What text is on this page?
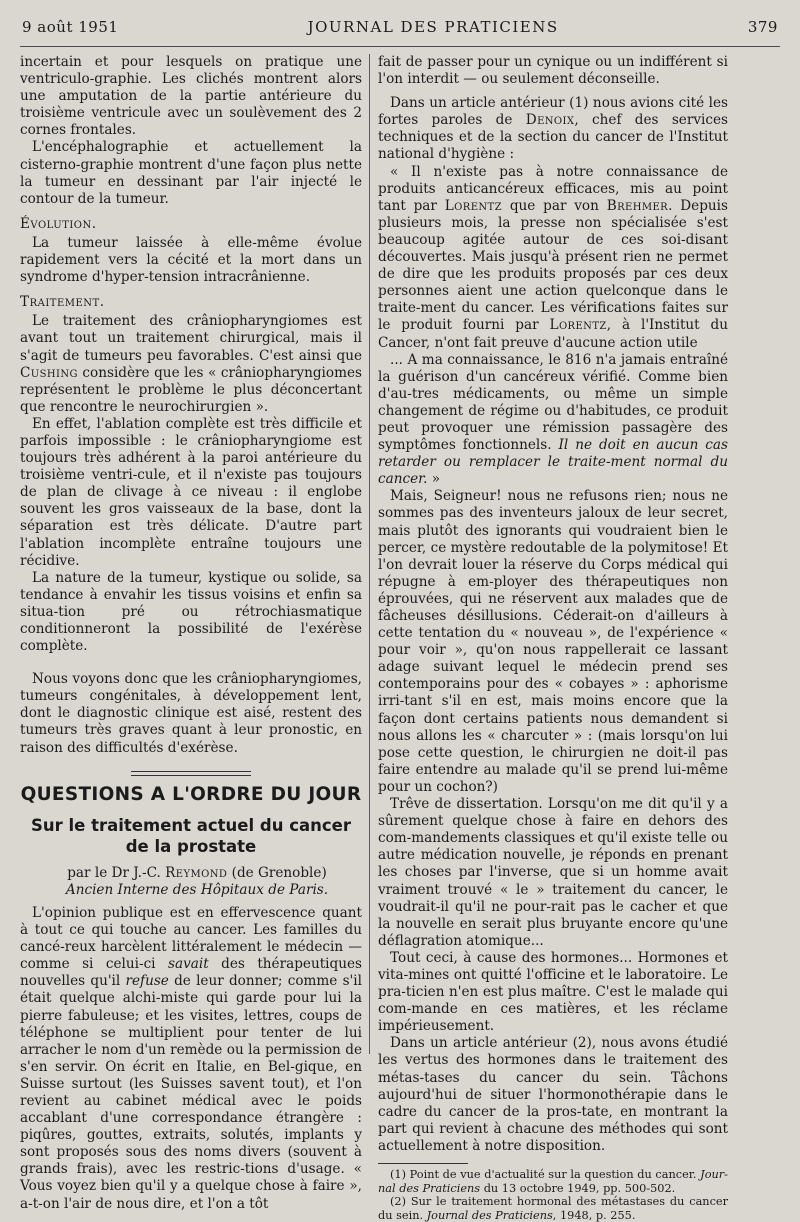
9 août 1951	JOURNAL DES PRATICIENS	379

incertain et pour lesquels on pratique une ventriculo-graphie. Les clichés montrent alors une amputation de la partie antérieure du troisième ventricule avec un soulèvement des 2 cornes frontales.

L'encéphalographie et actuellement la cisterno-graphie montrent d'une façon plus nette la tumeur en dessinant par l'air injecté le contour de la tumeur.

Évolution.

La tumeur laissée à elle-même évolue rapidement vers la cécité et la mort dans un syndrome d'hyper-tension intracrânienne.

Traitement.

Le traitement des crâniopharyngiomes est avant tout un traitement chirurgical, mais il s'agit de tumeurs peu favorables. C'est ainsi que Cushing considère que les « crâniopharyngiomes représentent le problème le plus déconcertant que rencontre le neurochirurgien ».

En effet, l'ablation complète est très difficile et parfois impossible : le crâniopharyngiome est toujours très adhérent à la paroi antérieure du troisième ventri-cule, et il n'existe pas toujours de plan de clivage à ce niveau : il englobe souvent les gros vaisseaux de la base, dont la séparation est très délicate. D'autre part l'ablation incomplète entraîne toujours une récidive.

La nature de la tumeur, kystique ou solide, sa tendance à envahir les tissus voisins et enfin sa situa-tion pré ou rétrochiasmatique conditionneront la possibilité de l'exérèse complète.

Nous voyons donc que les crâniopharyngiomes, tumeurs congénitales, à développement lent, dont le diagnostic clinique est aisé, restent des tumeurs très graves quant à leur pronostic, en raison des difficultés d'exérèse.

QUESTIONS A L'ORDRE DU JOUR
Sur le traitement actuel du cancer de la prostate

par le Dr J.-C. Reymond (de Grenoble)

Ancien Interne des Hôpitaux de Paris.

L'opinion publique est en effervescence quant à tout ce qui touche au cancer. Les familles du cancé-reux harcèlent littéralement le médecin — comme si celui-ci savait des thérapeutiques nouvelles qu'il refuse de leur donner; comme s'il était quelque alchi-miste qui garde pour lui la pierre fabuleuse; et les visites, lettres, coups de téléphone se multiplient pour tenter de lui arracher le nom d'un remède ou la permission de s'en servir. On écrit en Italie, en Bel-gique, en Suisse surtout (les Suisses savent tout), et l'on revient au cabinet médical avec le poids accablant d'une correspondance étrangère : piqûres, gouttes, extraits, solutés, implants y sont proposés sous des noms divers (souvent à grands frais), avec les restric-tions d'usage. « Vous voyez bien qu'il y a quelque chose à faire », a-t-on l'air de nous dire, et l'on a tôt

fait de passer pour un cynique ou un indifférent si l'on interdit — ou seulement déconseille.

Dans un article antérieur (1) nous avions cité les fortes paroles de Denoix, chef des services techniques et de la section du cancer de l'Institut national d'hygiène :

« Il n'existe pas à notre connaissance de produits anticancéreux efficaces, mis au point tant par Lorentz que par von Brehmer. Depuis plusieurs mois, la presse non spécialisée s'est beaucoup agitée autour de ces soi-disant découvertes. Mais jusqu'à présent rien ne permet de dire que les produits proposés par ces deux personnes aient une action quelconque dans le traite-ment du cancer. Les vérifications faites sur le produit fourni par Lorentz, à l'Institut du Cancer, n'ont fait preuve d'aucune action utile

... A ma connaissance, le 816 n'a jamais entraîné la guérison d'un cancéreux vérifié. Comme bien d'au-tres médicaments, ou même un simple changement de régime ou d'habitudes, ce produit peut provoquer une rémission passagère des symptômes fonctionnels. Il ne doit en aucun cas retarder ou remplacer le traite-ment normal du cancer. »

Mais, Seigneur! nous ne refusons rien; nous ne sommes pas des inventeurs jaloux de leur secret, mais plutôt des ignorants qui voudraient bien le percer, ce mystère redoutable de la polymitose! Et l'on devrait louer la réserve du Corps médical qui répugne à em-ployer des thérapeutiques non éprouvées, qui ne réservent aux malades que de fâcheuses désillusions. Céderait-on d'ailleurs à cette tentation du « nouveau », de l'expérience « pour voir », qu'on nous rappellerait ce lassant adage suivant lequel le médecin prend ses contemporains pour des « cobayes » : aphorisme irri-tant s'il en est, mais moins encore que la façon dont certains patients nous demandent si nous allons les « charcuter » : (mais lorsqu'on lui pose cette question, le chirurgien ne doit-il pas faire entendre au malade qu'il se prend lui-même pour un cochon?)

Trêve de dissertation. Lorsqu'on me dit qu'il y a sûrement quelque chose à faire en dehors des com-mandements classiques et qu'il existe telle ou autre médication nouvelle, je réponds en prenant les choses par l'inverse, que si un homme avait vraiment trouvé « le » traitement du cancer, le voudrait-il qu'il ne pour-rait pas le cacher et que la nouvelle en serait plus bruyante encore qu'une déflagration atomique...

Tout ceci, à cause des hormones... Hormones et vita-mines ont quitté l'officine et le laboratoire. Le pra-ticien n'en est plus maître. C'est le malade qui com-mande en ces matières, et les réclame impérieusement.

Dans un article antérieur (2), nous avons étudié les vertus des hormones dans le traitement des métas-tases du cancer du sein. Tâchons aujourd'hui de situer l'hormonothérapie dans le cadre du cancer de la pros-tate, en montrant la part qui revient à chacune des méthodes qui sont actuellement à notre disposition.

(1) Point de vue d'actualité sur la question du cancer. Jour-nal des Praticiens du 13 octobre 1949, pp. 500-502.

(2) Sur le traitement hormonal des métastases du cancer du sein. Journal des Praticiens, 1948, p. 255.
